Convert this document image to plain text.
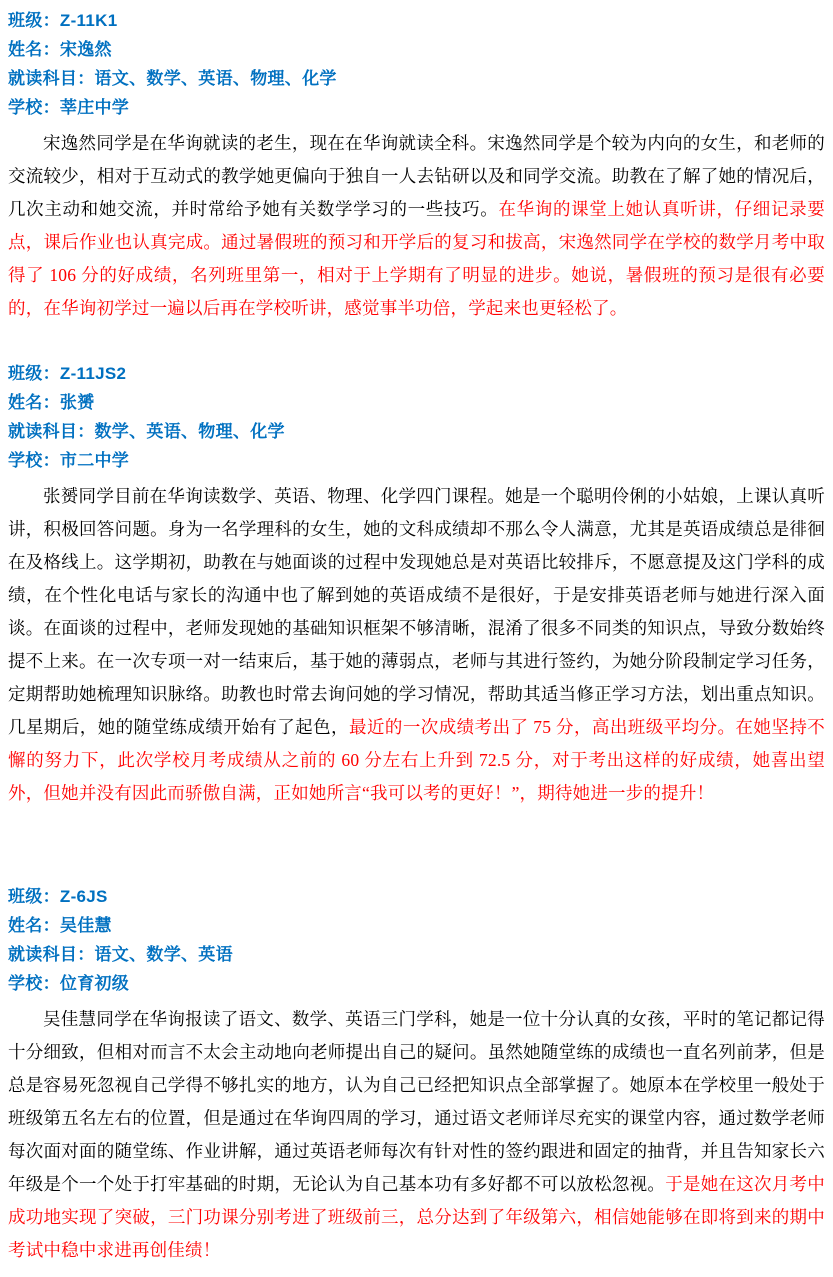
班级：Z-11K1
姓名：宋逸然
就读科目：语文、数学、英语、物理、化学
学校：莘庄中学

宋逸然同学是在华询就读的老生，现在在华询就读全科。宋逸然同学是个较为内向的女生，和老师的交流较少，相对于互动式的教学她更偏向于独自一人去钻研以及和同学交流。助教在了解了她的情况后，几次主动和她交流，并时常给予她有关数学学习的一些技巧。在华询的课堂上她认真听讲，仔细记录要点，课后作业也认真完成。通过暑假班的预习和开学后的复习和拔高，宋逸然同学在学校的数学月考中取得了 106 分的好成绩，名列班里第一，相对于上学期有了明显的进步。她说，暑假班的预习是很有必要的，在华询初学过一遍以后再在学校听讲，感觉事半功倍，学起来也更轻松了。

班级：Z-11JS2
姓名：张赟
就读科目：数学、英语、物理、化学
学校：市二中学

张赟同学目前在华询读数学、英语、物理、化学四门课程。她是一个聪明伶俐的小姑娘，上课认真听讲，积极回答问题。身为一名学理科的女生，她的文科成绩却不那么令人满意，尤其是英语成绩总是徘徊在及格线上。这学期初，助教在与她面谈的过程中发现她总是对英语比较排斥，不愿意提及这门学科的成绩，在个性化电话与家长的沟通中也了解到她的英语成绩不是很好，于是安排英语老师与她进行深入面谈。在面谈的过程中，老师发现她的基础知识框架不够清晰，混淆了很多不同类的知识点，导致分数始终提不上来。在一次专项一对一结束后，基于她的薄弱点，老师与其进行签约，为她分阶段制定学习任务，定期帮助她梳理知识脉络。助教也时常去询问她的学习情况，帮助其适当修正学习方法，划出重点知识。几星期后，她的随堂练成绩开始有了起色，最近的一次成绩考出了 75 分，高出班级平均分。在她坚持不懈的努力下，此次学校月考成绩从之前的 60 分左右上升到 72.5 分，对于考出这样的好成绩，她喜出望外，但她并没有因此而骄傲自满，正如她所言“我可以考的更好！”，期待她进一步的提升！

班级：Z-6JS
姓名：吴佳慧
就读科目：语文、数学、英语
学校：位育初级

吴佳慧同学在华询报读了语文、数学、英语三门学科，她是一位十分认真的女孩，平时的笔记都记得十分细致，但相对而言不太会主动地向老师提出自己的疑问。虽然她随堂练的成绩也一直名列前茅，但是总是容易死忽视自己学得不够扎实的地方，认为自己已经把知识点全部掌握了。她原本在学校里一般处于班级第五名左右的位置，但是通过在华询四周的学习，通过语文老师详尽充实的课堂内容，通过数学老师每次面对面的随堂练、作业讲解，通过英语老师每次有针对性的签约跟进和固定的抽背，并且告知家长六年级是个一个处于打牢基础的时期，无论认为自己基本功有多好都不可以放松忽视。于是她在这次月考中成功地实现了突破，三门功课分别考进了班级前三，总分达到了年级第六，相信她能够在即将到来的期中考试中稳中求进再创佳绩！
